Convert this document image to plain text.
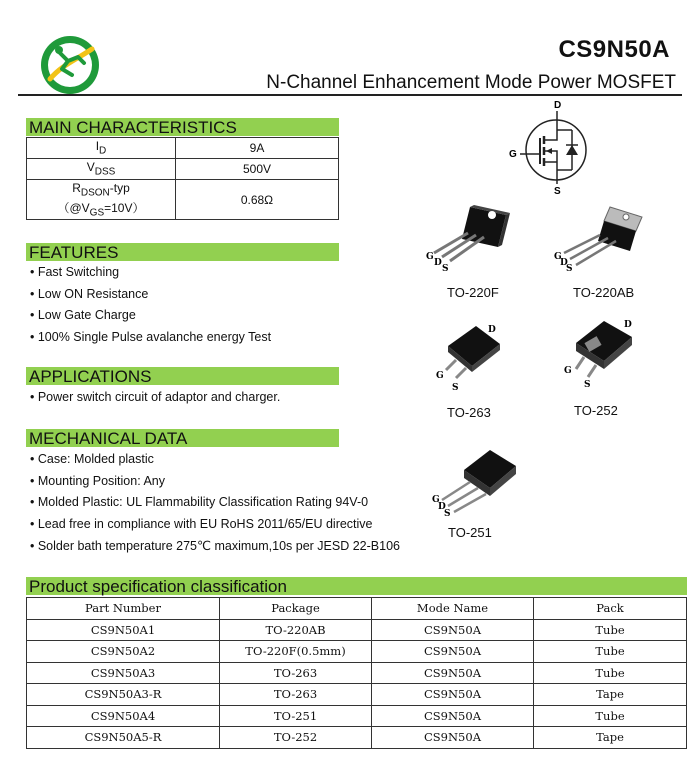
CS9N50A
N-Channel Enhancement Mode Power MOSFET
MAIN CHARACTERISTICS
$I_D$	9A
$V_{DSS}$	500V

$R_{DSON}$-typ
$(@V_{GS}=10V)$	0.68Ω
FEATURES
• Fast Switching
• Low ON Resistance
• Low Gate Charge
• 100% Single Pulse avalanche energy Test
APPLICATIONS
• Power switch circuit of adaptor and charger.
MECHANICAL DATA
• Case: Molded plastic
• Mounting Position: Any
• Molded Plastic: UL Flammability Classification Rating 94V-0
• Lead free in compliance with EU RoHS 2011/65/EU directive
• Solder bath temperature 275℃ maximum,10s per JESD 22-B106
D
G
S
G
D
S
TO-220F
G
D
S
TO-220AB
D
G
S
TO-263
D
G
S
TO-252
G
D
S
TO-251
Product specification classification
Part Number	Package	Mode Name	Pack
CS9N50A1	TO-220AB	CS9N50A	Tube
CS9N50A2	TO-220F(0.5mm)	CS9N50A	Tube
CS9N50A3	TO-263	CS9N50A	Tube
CS9N50A3-R	TO-263	CS9N50A	Tape
CS9N50A4	TO-251	CS9N50A	Tube
CS9N50A5-R	TO-252	CS9N50A	Tape
